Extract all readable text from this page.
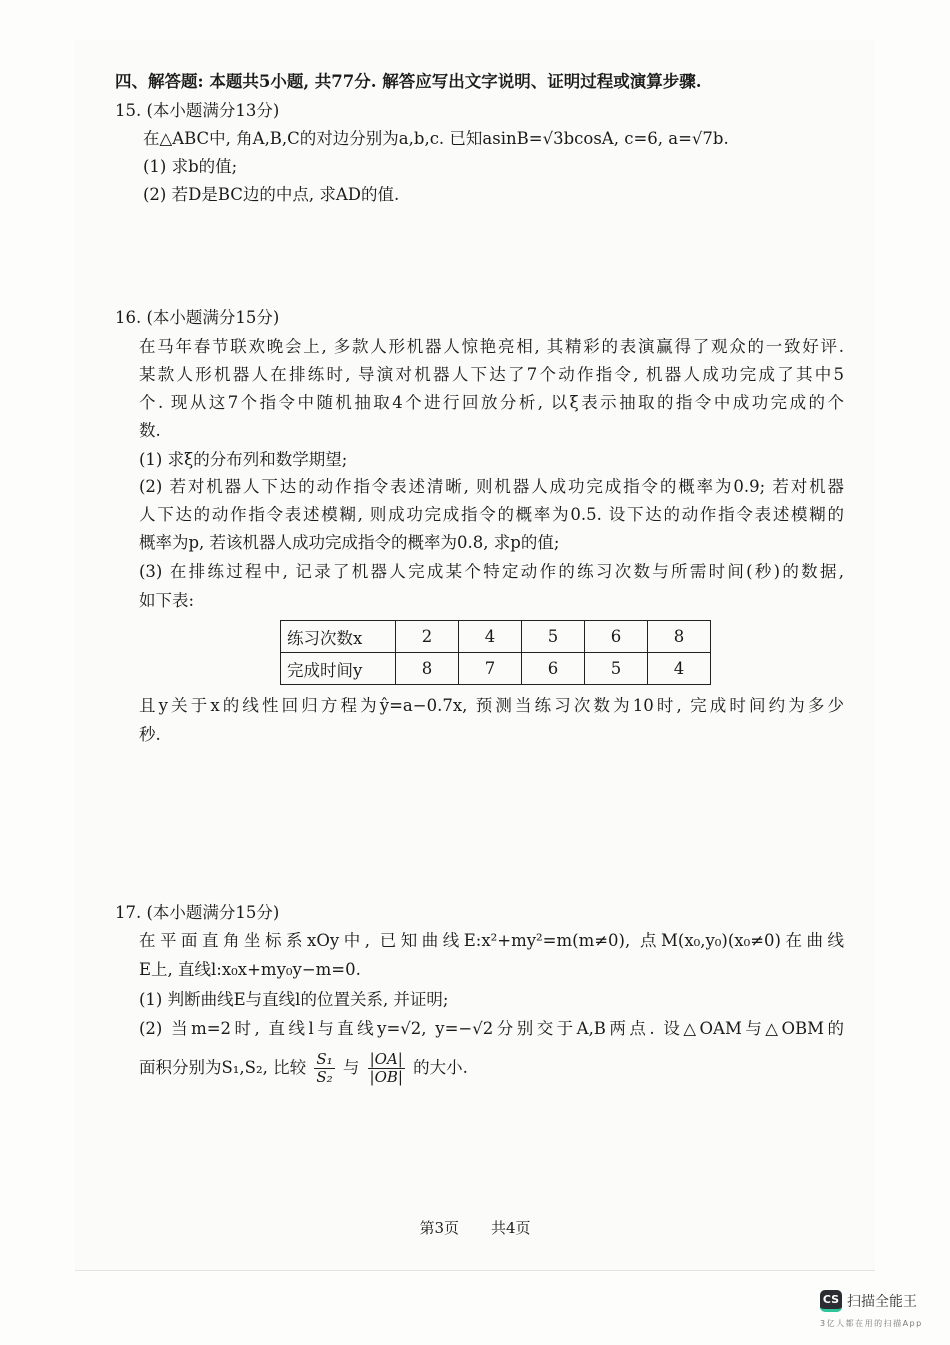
四、解答题: 本题共5小题, 共77分. 解答应写出文字说明、证明过程或演算步骤.
15. (本小题满分13分)
在△ABC中, 角A,B,C的对边分别为a,b,c. 已知asinB=√3bcosA, c=6, a=√7b.
(1) 求b的值;
(2) 若D是BC边的中点, 求AD的值.
16. (本小题满分15分)
在马年春节联欢晚会上, 多款人形机器人惊艳亮相, 其精彩的表演赢得了观众的一致好评.
某款人形机器人在排练时, 导演对机器人下达了7个动作指令, 机器人成功完成了其中5
个. 现从这7个指令中随机抽取4个进行回放分析, 以ξ表示抽取的指令中成功完成的个
数.
(1) 求ξ的分布列和数学期望;
(2) 若对机器人下达的动作指令表述清晰, 则机器人成功完成指令的概率为0.9; 若对机器
人下达的动作指令表述模糊, 则成功完成指令的概率为0.5. 设下达的动作指令表述模糊的
概率为p, 若该机器人成功完成指令的概率为0.8, 求p的值;
(3) 在排练过程中, 记录了机器人完成某个特定动作的练习次数与所需时间(秒)的数据,
如下表:
练习次数x	2	4	5	6	8
完成时间y	8	7	6	5	4
且y关于x的线性回归方程为ŷ=a−0.7x, 预测当练习次数为10时, 完成时间约为多少
秒.
17. (本小题满分15分)
在平面直角坐标系xOy中, 已知曲线E:x²+my²=m(m≠0), 点M(x₀,y₀)(x₀≠0)在曲线
E上, 直线l:x₀x+my₀y−m=0.
(1) 判断曲线E与直线l的位置关系, 并证明;
(2) 当m=2时, 直线l与直线y=√2, y=−√2分别交于A,B两点. 设△OAM与△OBM的
面积分别为S₁,S₂, 比较 $\frac{\text{S₁}}{\text{S₂}}$ 与 $\frac{|OA|}{|OB|}$ 的大小.
第3页 共4页
CS 扫描全能王
3亿人都在用的扫描App
